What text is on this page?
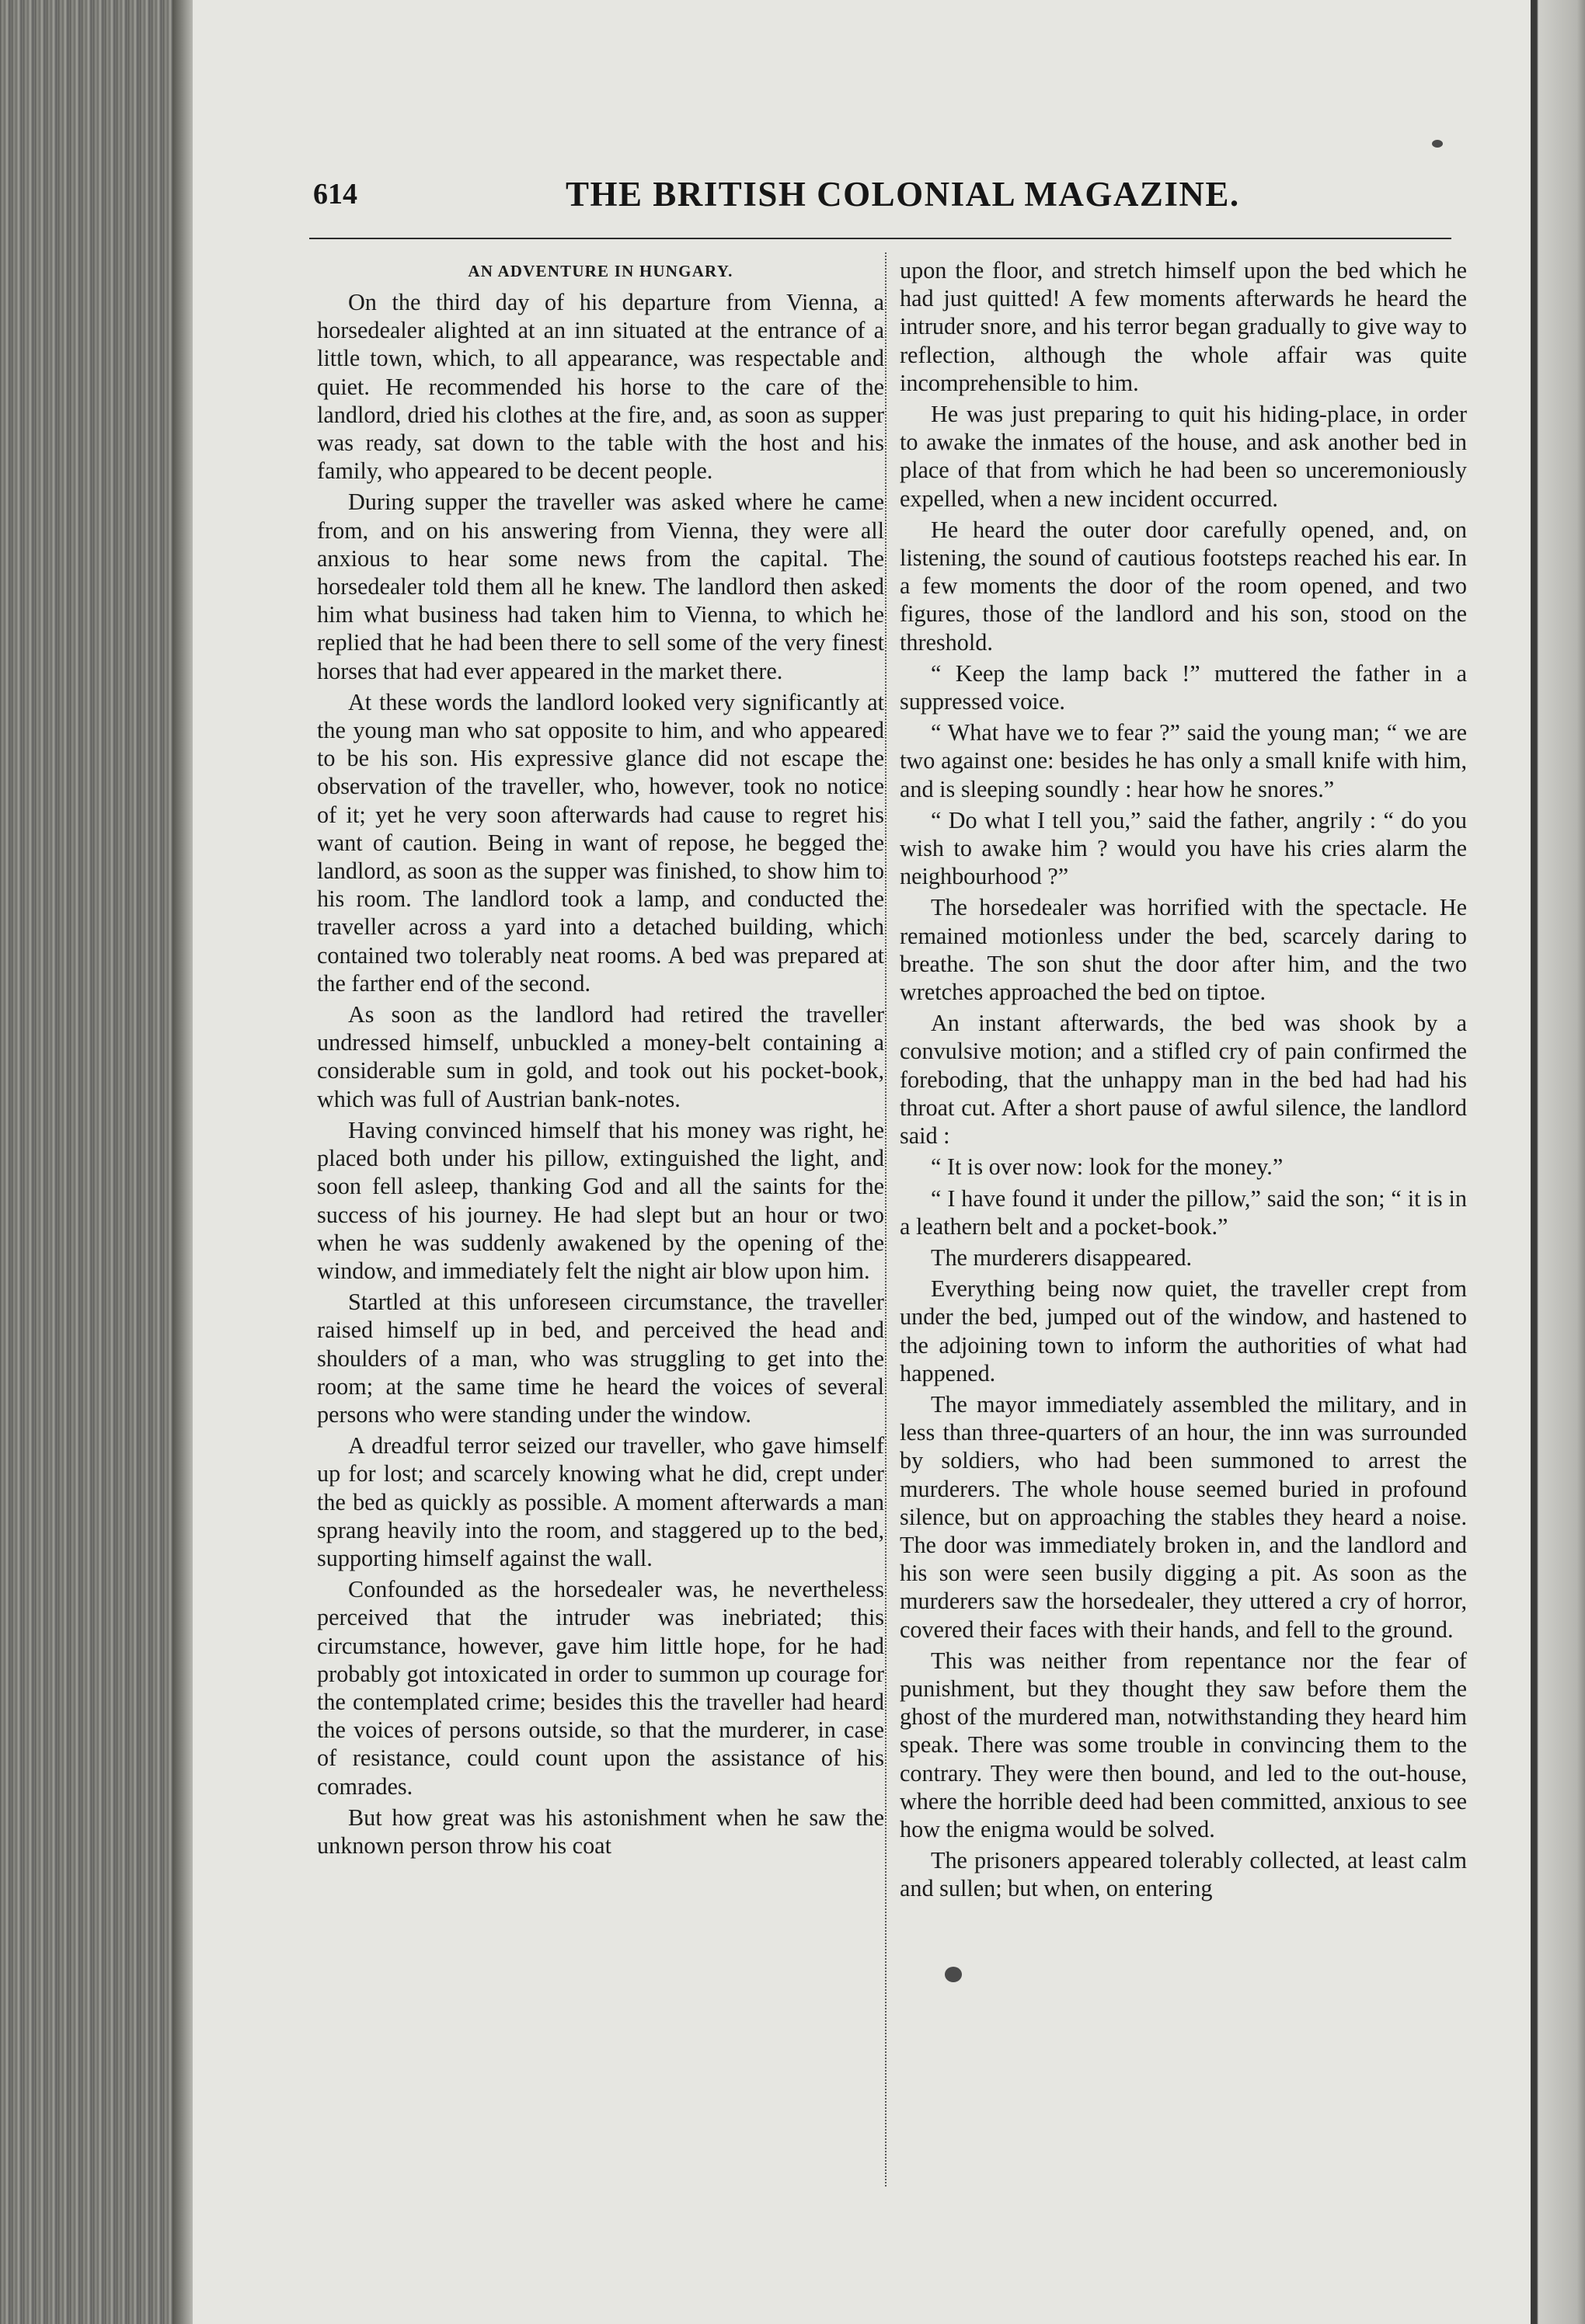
614	THE BRITISH COLONIAL MAGAZINE.
AN ADVENTURE IN HUNGARY.

On the third day of his departure from Vienna, a horsedealer alighted at an inn situated at the entrance of a little town, which, to all appearance, was respectable and quiet. He recommended his horse to the care of the landlord, dried his clothes at the fire, and, as soon as supper was ready, sat down to the table with the host and his family, who appeared to be decent people.

During supper the traveller was asked where he came from, and on his answering from Vienna, they were all anxious to hear some news from the capital. The horsedealer told them all he knew. The landlord then asked him what business had taken him to Vienna, to which he replied that he had been there to sell some of the very finest horses that had ever appeared in the market there.

At these words the landlord looked very significantly at the young man who sat opposite to him, and who appeared to be his son. His expressive glance did not escape the observation of the traveller, who, however, took no notice of it; yet he very soon afterwards had cause to regret his want of caution. Being in want of repose, he begged the landlord, as soon as the supper was finished, to show him to his room. The landlord took a lamp, and conducted the traveller across a yard into a detached building, which contained two tolerably neat rooms. A bed was prepared at the farther end of the second.

As soon as the landlord had retired the traveller undressed himself, unbuckled a money-belt containing a considerable sum in gold, and took out his pocket-book, which was full of Austrian bank-notes.

Having convinced himself that his money was right, he placed both under his pillow, extinguished the light, and soon fell asleep, thanking God and all the saints for the success of his journey. He had slept but an hour or two when he was suddenly awakened by the opening of the window, and immediately felt the night air blow upon him.

Startled at this unforeseen circumstance, the traveller raised himself up in bed, and perceived the head and shoulders of a man, who was struggling to get into the room; at the same time he heard the voices of several persons who were standing under the window.

A dreadful terror seized our traveller, who gave himself up for lost; and scarcely knowing what he did, crept under the bed as quickly as possible. A moment afterwards a man sprang heavily into the room, and staggered up to the bed, supporting himself against the wall.

Confounded as the horsedealer was, he nevertheless perceived that the intruder was inebriated; this circumstance, however, gave him little hope, for he had probably got intoxicated in order to summon up courage for the contemplated crime; besides this the traveller had heard the voices of persons outside, so that the murderer, in case of resistance, could count upon the assistance of his comrades.

But how great was his astonishment when he saw the unknown person throw his coat

upon the floor, and stretch himself upon the bed which he had just quitted! A few moments afterwards he heard the intruder snore, and his terror began gradually to give way to reflection, although the whole affair was quite incomprehensible to him.

He was just preparing to quit his hiding-place, in order to awake the inmates of the house, and ask another bed in place of that from which he had been so unceremoniously expelled, when a new incident occurred.

He heard the outer door carefully opened, and, on listening, the sound of cautious footsteps reached his ear. In a few moments the door of the room opened, and two figures, those of the landlord and his son, stood on the threshold.

“ Keep the lamp back !” muttered the father in a suppressed voice.

“ What have we to fear ?” said the young man; “ we are two against one: besides he has only a small knife with him, and is sleeping soundly : hear how he snores.”

“ Do what I tell you,” said the father, angrily : “ do you wish to awake him ? would you have his cries alarm the neighbourhood ?”

The horsedealer was horrified with the spectacle. He remained motionless under the bed, scarcely daring to breathe. The son shut the door after him, and the two wretches approached the bed on tiptoe.

An instant afterwards, the bed was shook by a convulsive motion; and a stifled cry of pain confirmed the foreboding, that the unhappy man in the bed had had his throat cut. After a short pause of awful silence, the landlord said :

“ It is over now: look for the money.”

“ I have found it under the pillow,” said the son; “ it is in a leathern belt and a pocket-book.”

The murderers disappeared.

Everything being now quiet, the traveller crept from under the bed, jumped out of the window, and hastened to the adjoining town to inform the authorities of what had happened.

The mayor immediately assembled the military, and in less than three-quarters of an hour, the inn was surrounded by soldiers, who had been summoned to arrest the murderers. The whole house seemed buried in profound silence, but on approaching the stables they heard a noise. The door was immediately broken in, and the landlord and his son were seen busily digging a pit. As soon as the murderers saw the horsedealer, they uttered a cry of horror, covered their faces with their hands, and fell to the ground.

This was neither from repentance nor the fear of punishment, but they thought they saw before them the ghost of the murdered man, notwithstanding they heard him speak. There was some trouble in convincing them to the contrary. They were then bound, and led to the out-house, where the horrible deed had been committed, anxious to see how the enigma would be solved.

The prisoners appeared tolerably collected, at least calm and sullen; but when, on entering
